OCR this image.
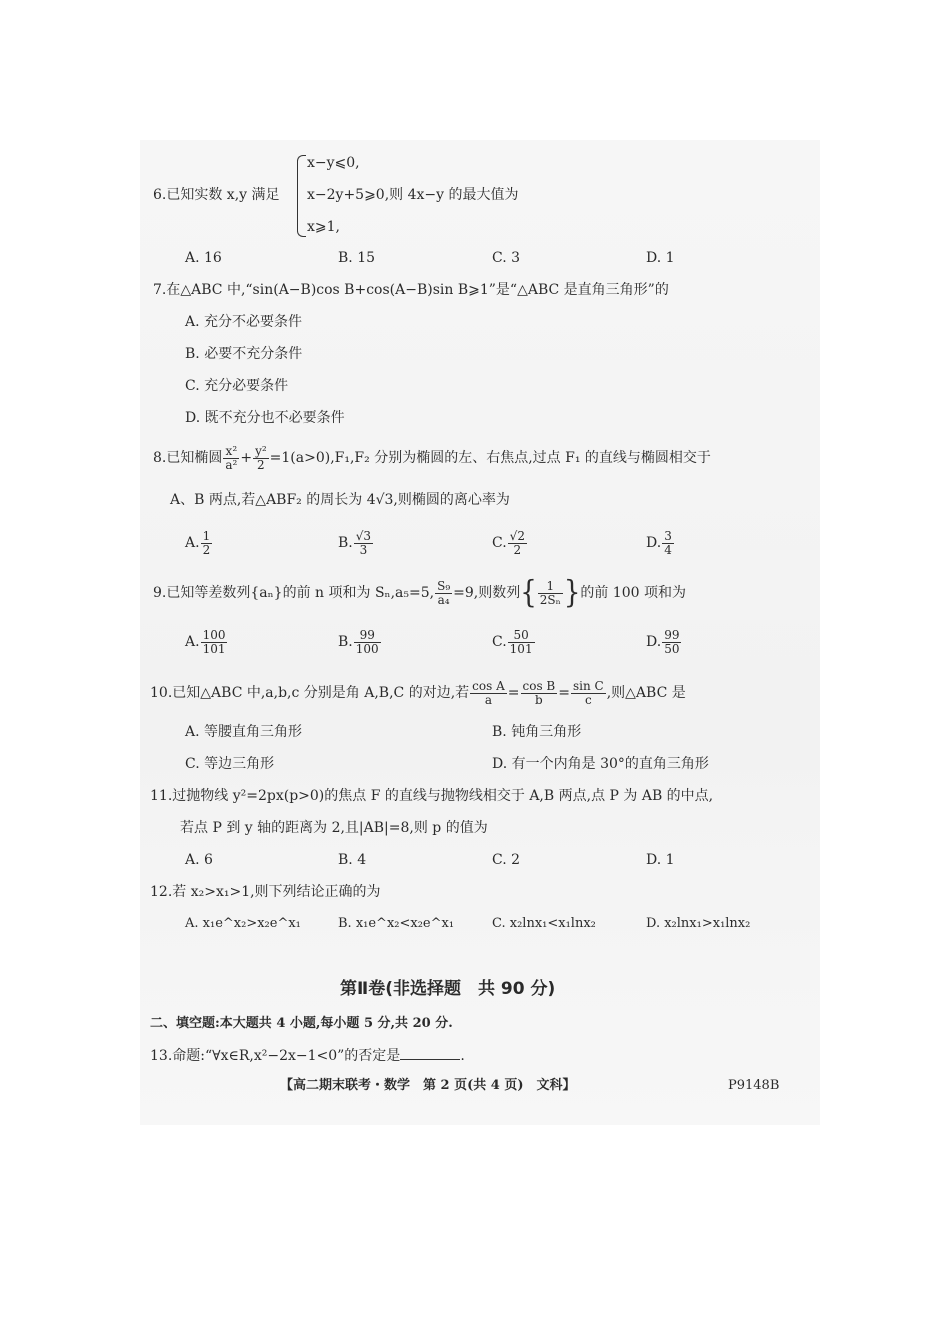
6.已知实数 x,y 满足
x−y⩽0,
x−2y+5⩾0,则 4x−y 的最大值为
x⩾1,
A. 16	B. 15	C. 3	D. 1
7.在△ABC 中,“sin(A−B)cos B+cos(A−B)sin B⩾1”是“△ABC 是直角三角形”的
A. 充分不必要条件
B. 必要不充分条件
C. 充分必要条件
D. 既不充分也不必要条件
8.已知椭圆 $\frac{\text{x²}}{\text{a²}} + \frac{\text{y²}}{2} =1(a>0),F_1,F_2$ 分别为椭圆的左、右焦点,过点 F₁ 的直线与椭圆相交于
A、B 两点,若△ABF₂ 的周长为 4√3,则椭圆的离心率为
A. $\frac{1}{2}$	B. $\frac{√3}{3}$	C. $\frac{√2}{2}$	D. $\frac{3}{4}$
9.已知等差数列{aₙ}的前 n 项和为 Sₙ,a₅=5, $\frac{\text{S₉}}{\text{a₄}} =9$,则数列{ $\frac{1}{\text{2Sₙ}}$ }的前 100 项和为
A. $\frac{100}{101}$	B. $\frac{99}{100}$	C. $\frac{50}{101}$	D. $\frac{99}{50}$
10.已知△ABC 中,a,b,c 分别是角 A,B,C 的对边,若 $\frac{\text{cos A}}{a} = \frac{\text{cos B}}{b} = \frac{\text{sin C}}{c}$ ,则△ABC 是
A. 等腰直角三角形	B. 钝角三角形
C. 等边三角形	D. 有一个内角是 30°的直角三角形
11.过抛物线 y²=2px(p>0)的焦点 F 的直线与抛物线相交于 A,B 两点,点 P 为 AB 的中点,
若点 P 到 y 轴的距离为 2,且|AB|=8,则 p 的值为
A. 6	B. 4	C. 2	D. 1
12.若 x₂>x₁>1,则下列结论正确的为
A. x₁e^x₂>x₂e^x₁	B. x₁e^x₂<x₂e^x₁	C. x₂lnx₁<x₁lnx₂	D. x₂lnx₁>x₁lnx₂
第Ⅱ卷(非选择题　共 90 分)
二、填空题:本大题共 4 小题,每小题 5 分,共 20 分.
13.命题:“∀x∈R,x²−2x−1<0”的否定是	.
【高二期末联考・数学　第 2 页(共 4 页)　文科】	P9148B
